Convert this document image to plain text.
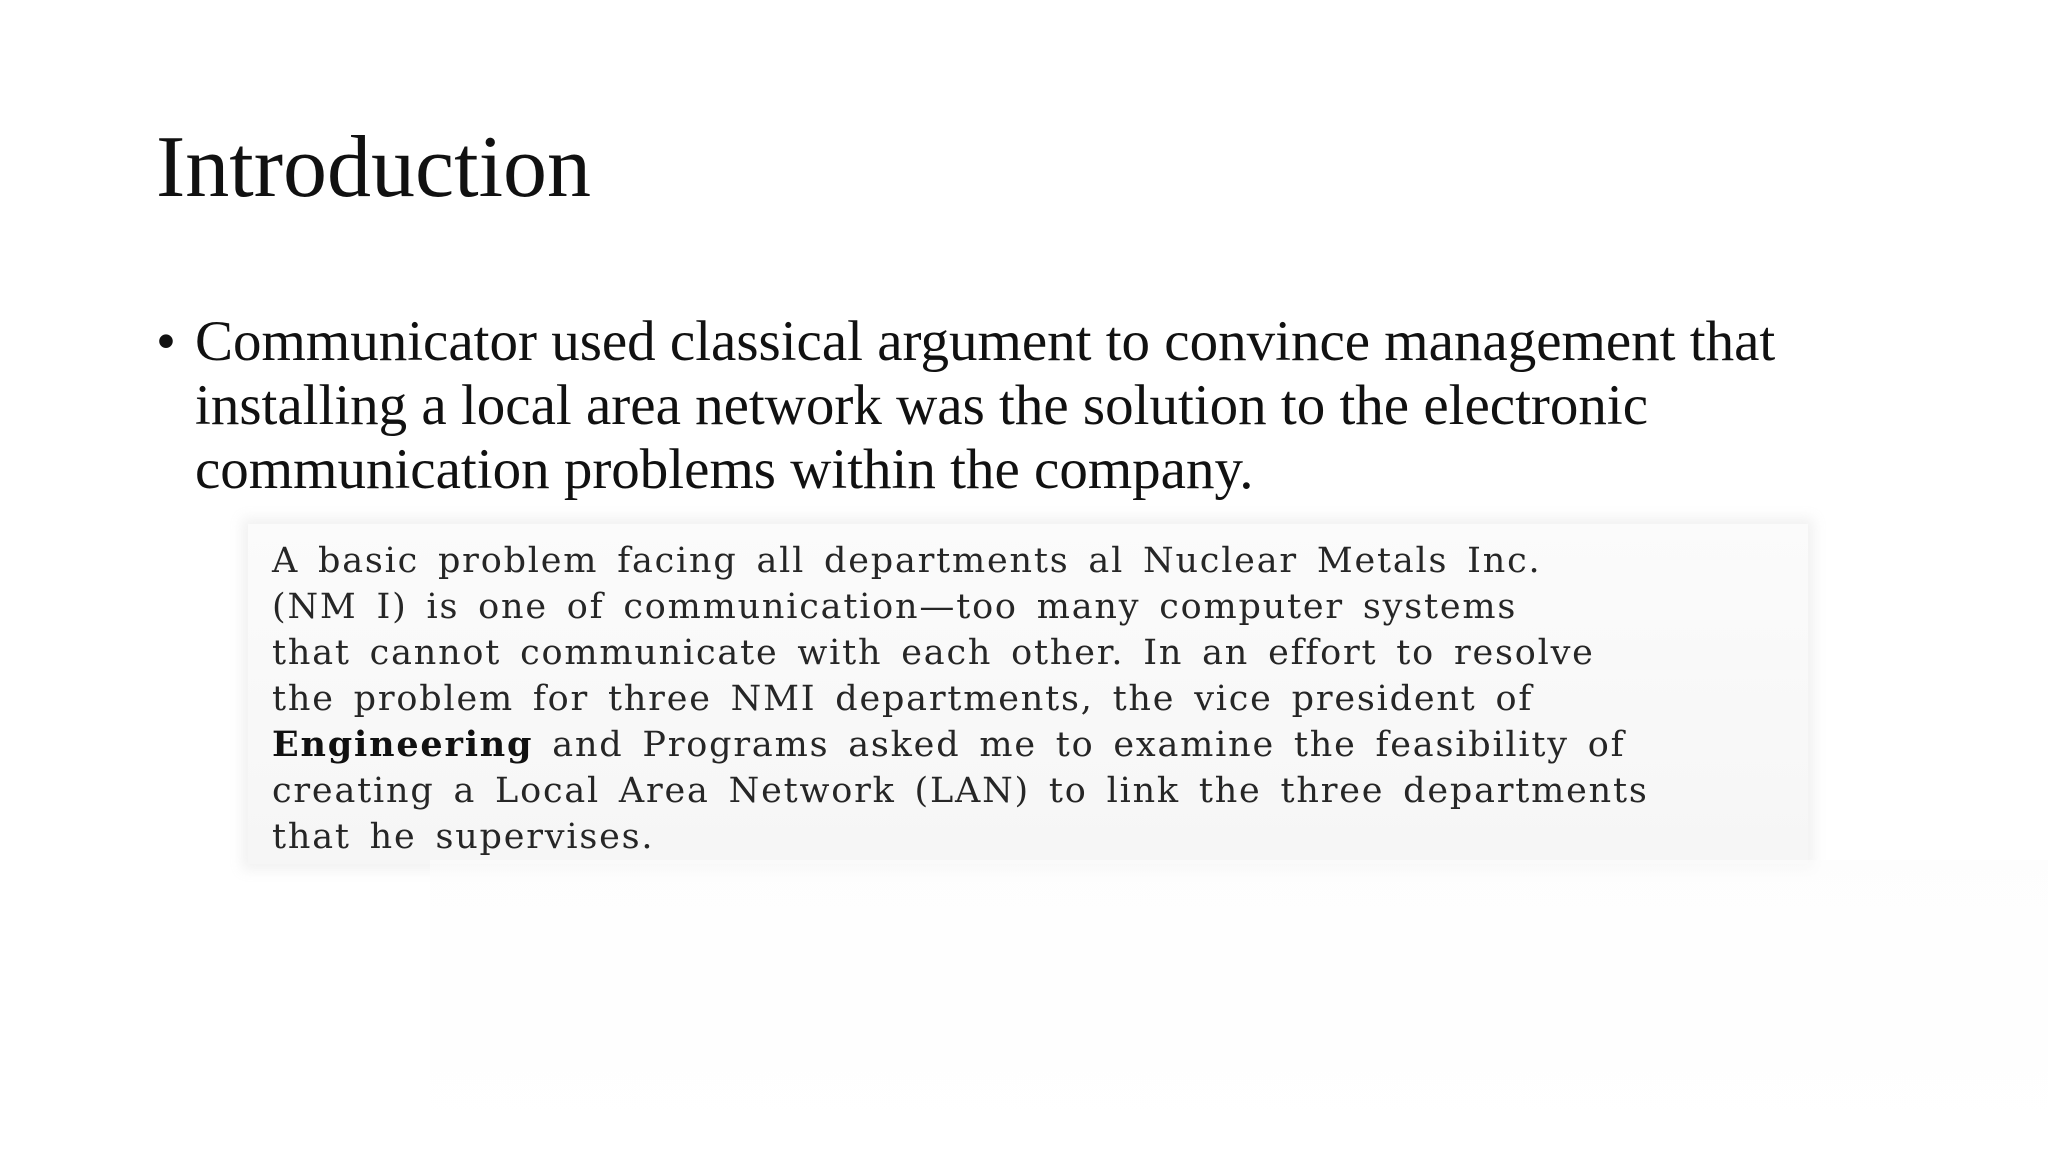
Introduction
• Communicator used classical argument to convince management that
installing a local area network was the solution to the electronic
communication problems within the company.
A basic problem facing all departments al Nuclear Metals Inc.
(NM I) is one of communication—too many computer systems
that cannot communicate with each other. In an effort to resolve
the problem for three NMI departments, the vice president of
Engineering and Programs asked me to examine the feasibility of
creating a Local Area Network (LAN) to link the three departments
that he supervises.
